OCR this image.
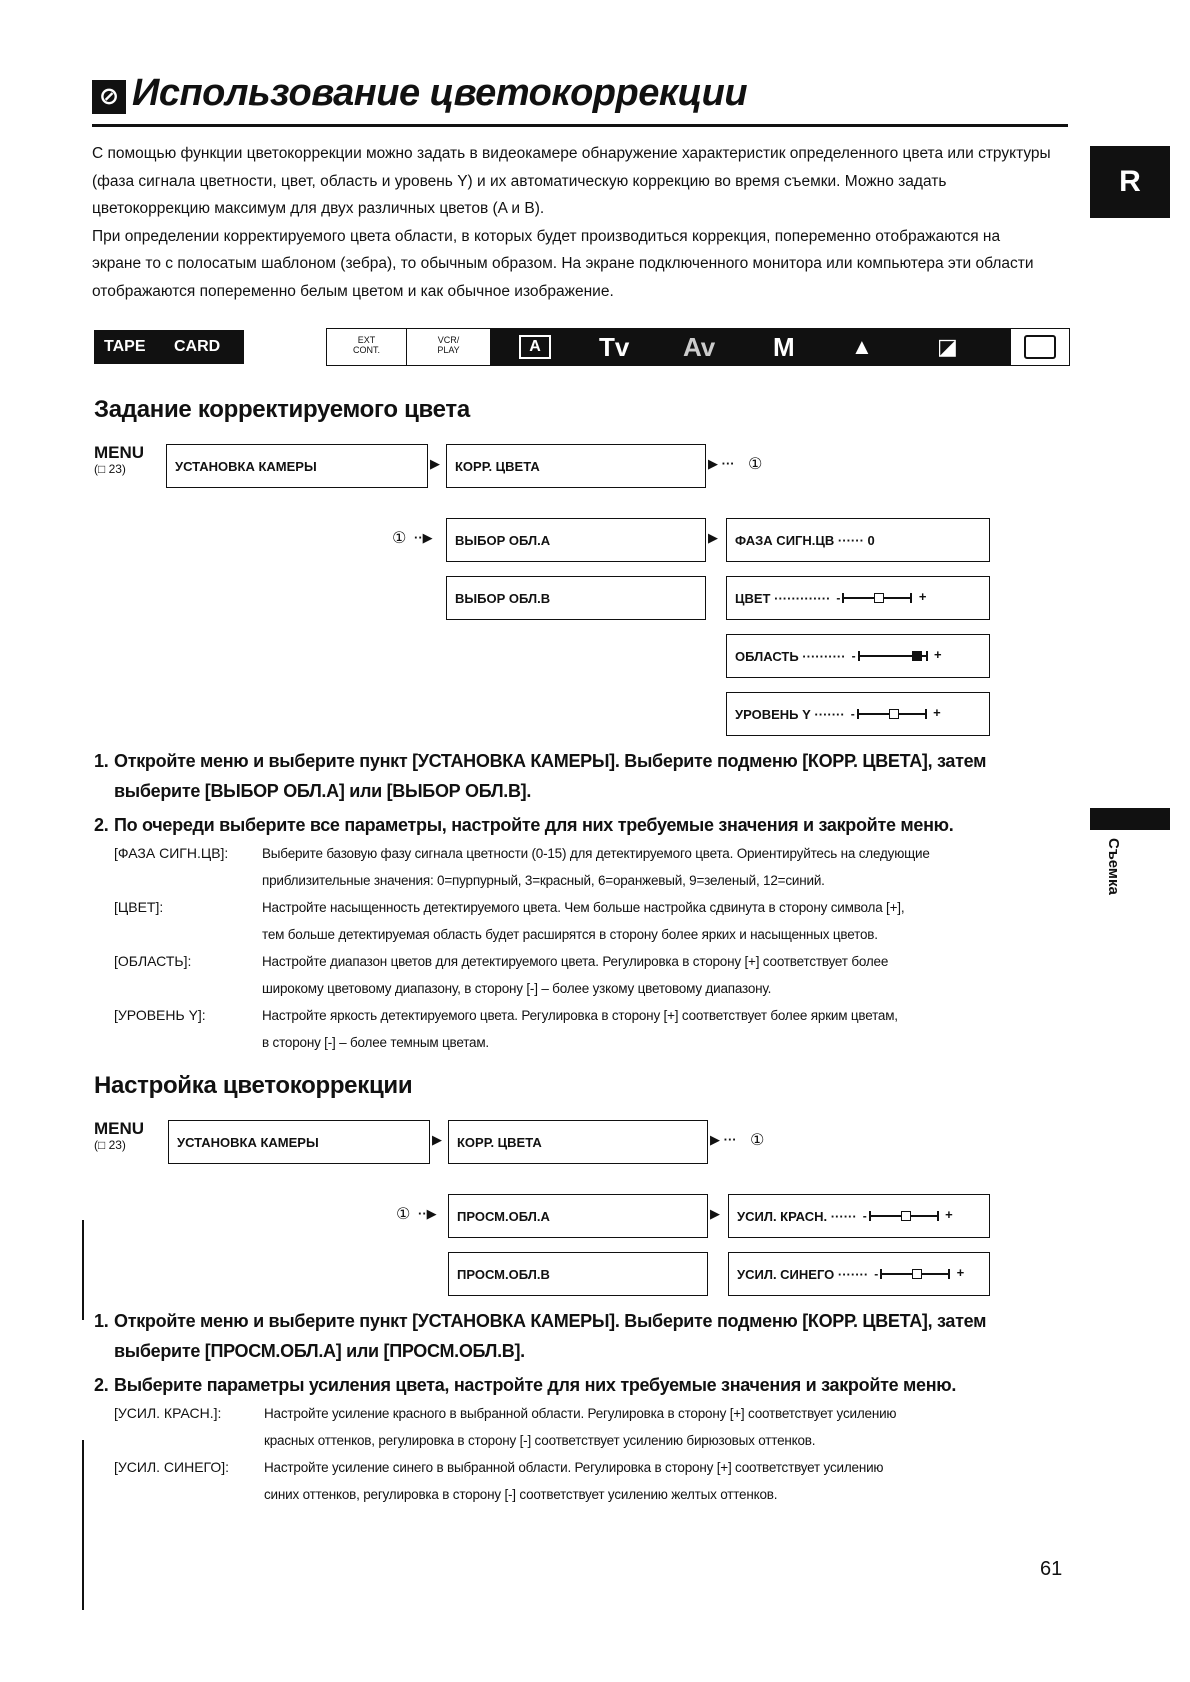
⊘ Использование цветокоррекции

С помощью функции цветокоррекции можно задать в видеокамере обнаружение характеристик определенного цвета или структуры (фаза сигнала цветности, цвет, область и уровень Y) и их автоматическую коррекцию во время съемки. Можно задать цветокоррекцию максимум для двух различных цветов (A и B).

При определении корректируемого цвета области, в которых будет производиться коррекция, попеременно отображаются на экране то с полосатым шаблоном (зебра), то обычным образом. На экране подключенного монитора или компьютера эти области отображаются попеременно белым цветом и как обычное изображение.

R
Съемка
TAPE CARD	EXT
CONT.
VCR/
PLAY	A	Tv Av M	▲	◪
Задание корректируемого цвета
MENU
(□ 23)	УСТАНОВКА КАМЕРЫ	▶	КОРР. ЦВЕТА	▶ ··· ①
① ··▶	ВЫБОР ОБЛ.A	▶
ВЫБОР ОБЛ.B
ФАЗА СИГН.ЦВ
······
0
ЦВЕТ
············· -	+
ОБЛАСТЬ
·········· -	+
УРОВЕНЬ Y
······· -	+
1. Откройте меню и выберите пункт [УСТАНОВКА КАМЕРЫ]. Выберите подменю [КОРР. ЦВЕТА], затем
выберите [ВЫБОР ОБЛ.A] или [ВЫБОР ОБЛ.B].
2. По очереди выберите все параметры, настройте для них требуемые значения и закройте меню.
[ФАЗА СИГН.ЦВ]: Выберите базовую фазу сигнала цветности (0-15) для детектируемого цвета. Ориентируйтесь на следующие
приблизительные значения: 0=пурпурный, 3=красный, 6=оранжевый, 9=зеленый, 12=синий.
[ЦВЕТ]:	Настройте насыщенность детектируемого цвета. Чем больше настройка сдвинута в сторону символа [+],
тем больше детектируемая область будет расширятся в сторону более ярких и насыщенных цветов.
[ОБЛАСТЬ]:	Настройте диапазон цветов для детектируемого цвета. Регулировка в сторону [+] соответствует более
широкому цветовому диапазону, в сторону [-] – более узкому цветовому диапазону.
[УРОВЕНЬ Y]:	Настройте яркость детектируемого цвета. Регулировка в сторону [+] соответствует более ярким цветам,
в сторону [-] – более темным цветам.
Настройка цветокоррекции
MENU
(□ 23)	УСТАНОВКА КАМЕРЫ	▶	КОРР. ЦВЕТА	▶ ··· ①
① ··▶	ПРОСМ.ОБЛ.A	▶
ПРОСМ.ОБЛ.B
УСИЛ. КРАСН.
······ -	+
УСИЛ. СИНЕГО
······· -	+
1. Откройте меню и выберите пункт [УСТАНОВКА КАМЕРЫ]. Выберите подменю [КОРР. ЦВЕТА], затем
выберите [ПРОСМ.ОБЛ.A] или [ПРОСМ.ОБЛ.B].
2. Выберите параметры усиления цвета, настройте для них требуемые значения и закройте меню.
[УСИЛ. КРАСН.]:	Настройте усиление красного в выбранной области. Регулировка в сторону [+] соответствует усилению
красных оттенков, регулировка в сторону [-] соответствует усилению бирюзовых оттенков.
[УСИЛ. СИНЕГО]:	Настройте усиление синего в выбранной области. Регулировка в сторону [+] соответствует усилению
синих оттенков, регулировка в сторону [-] соответствует усилению желтых оттенков.
61
